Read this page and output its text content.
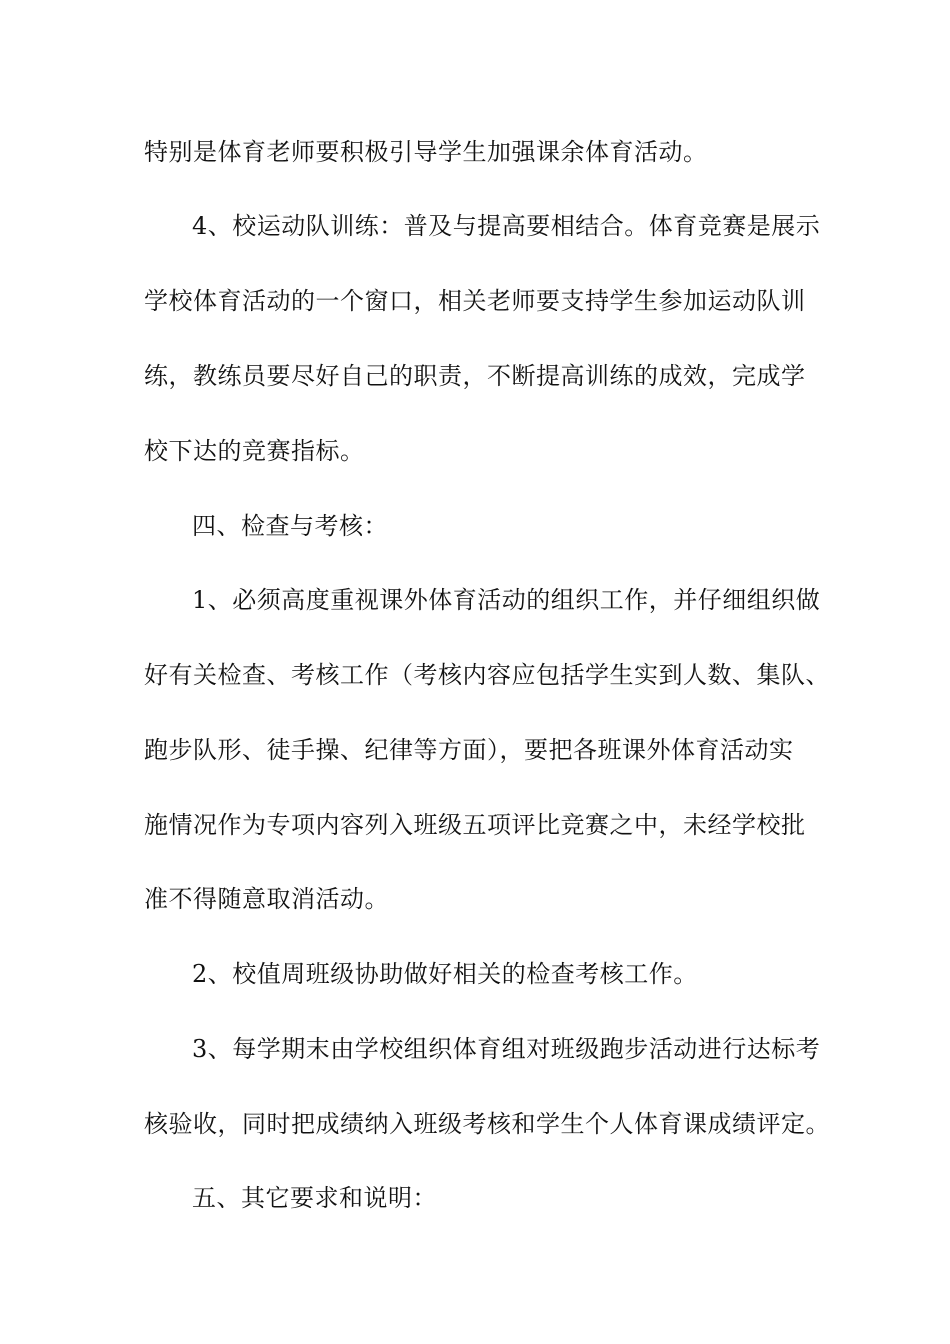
特别是体育老师要积极引导学生加强课余体育活动。
4、校运动队训练：普及与提高要相结合。体育竞赛是展示
学校体育活动的一个窗口，相关老师要支持学生参加运动队训
练，教练员要尽好自己的职责，不断提高训练的成效，完成学
校下达的竞赛指标。
四、检查与考核：
1、必须高度重视课外体育活动的组织工作，并仔细组织做
好有关检查、考核工作（考核内容应包括学生实到人数、集队、
跑步队形、徒手操、纪律等方面），要把各班课外体育活动实
施情况作为专项内容列入班级五项评比竞赛之中，未经学校批
准不得随意取消活动。
2、校值周班级协助做好相关的检查考核工作。
3、每学期末由学校组织体育组对班级跑步活动进行达标考
核验收，同时把成绩纳入班级考核和学生个人体育课成绩评定。
五、其它要求和说明：
